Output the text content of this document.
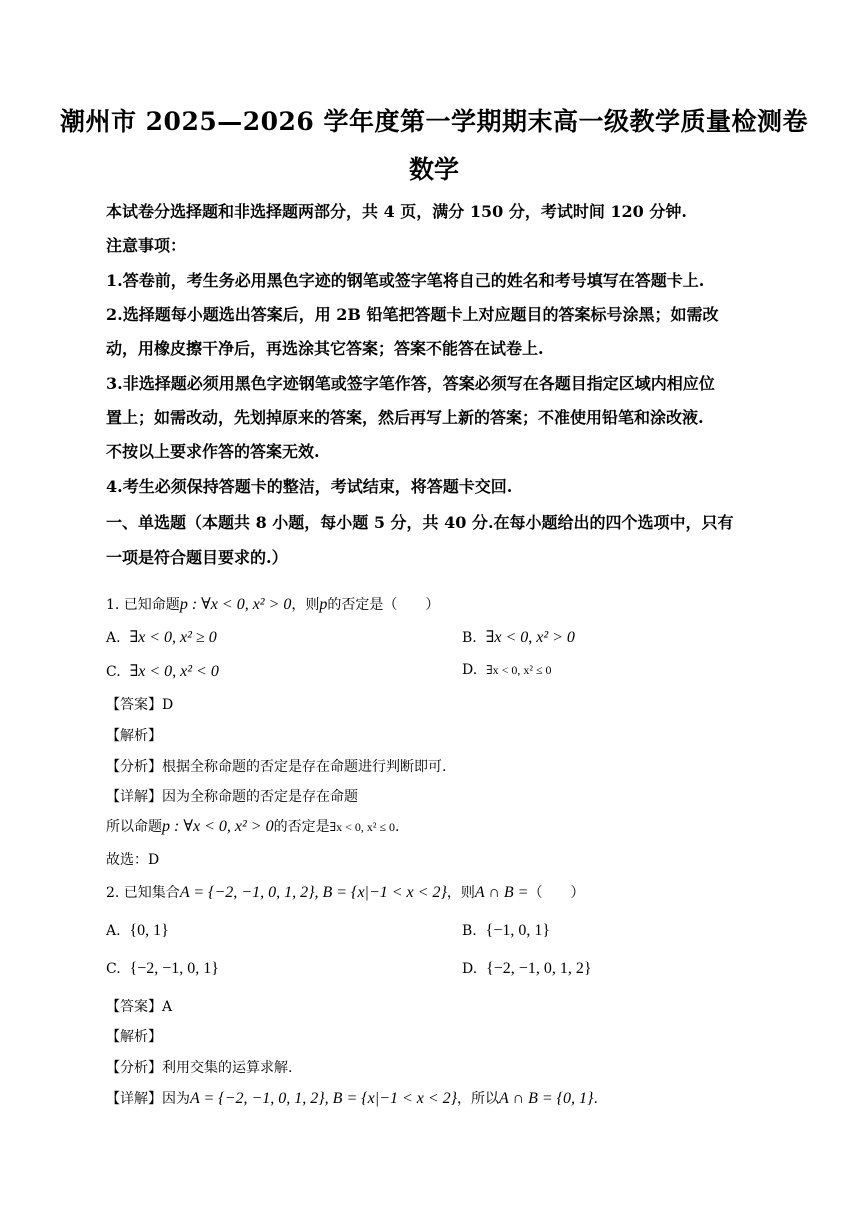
潮州市 2025—2026 学年度第一学期期末高一级教学质量检测卷
数学
本试卷分选择题和非选择题两部分，共 4 页，满分 150 分，考试时间 120 分钟.
注意事项：
1.答卷前，考生务必用黑色字迹的钢笔或签字笔将自己的姓名和考号填写在答题卡上.
2.选择题每小题选出答案后，用 2B 铅笔把答题卡上对应题目的答案标号涂黑；如需改
动，用橡皮擦干净后，再选涂其它答案；答案不能答在试卷上.
3.非选择题必须用黑色字迹钢笔或签字笔作答，答案必须写在各题目指定区域内相应位
置上；如需改动，先划掉原来的答案，然后再写上新的答案；不准使用铅笔和涂改液.
不按以上要求作答的答案无效.
4.考生必须保持答题卡的整洁，考试结束，将答题卡交回.
一、单选题（本题共 8 小题，每小题 5 分，共 40 分.在每小题给出的四个选项中，只有
一项是符合题目要求的.）
1. 已知命题p : ∀x < 0, x² > 0，则p的否定是（　　）
A. ∃x < 0, x² ≥ 0	B. ∃x < 0, x² > 0
C. ∃x < 0, x² < 0	D. ∃x < 0, x² ≤ 0
【答案】D
【解析】
【分析】根据全称命题的否定是存在命题进行判断即可.
【详解】因为全称命题的否定是存在命题
所以命题p : ∀x < 0, x² > 0的否定是∃x < 0, x² ≤ 0.
故选：D
2. 已知集合A = {−2, −1, 0, 1, 2}, B = {x|−1 < x < 2}，则A ∩ B =（　　）
A. {0, 1}	B. {−1, 0, 1}
C. {−2, −1, 0, 1}	D. {−2, −1, 0, 1, 2}
【答案】A
【解析】
【分析】利用交集的运算求解.
【详解】因为A = {−2, −1, 0, 1, 2}, B = {x|−1 < x < 2}，所以A ∩ B = {0, 1}.
